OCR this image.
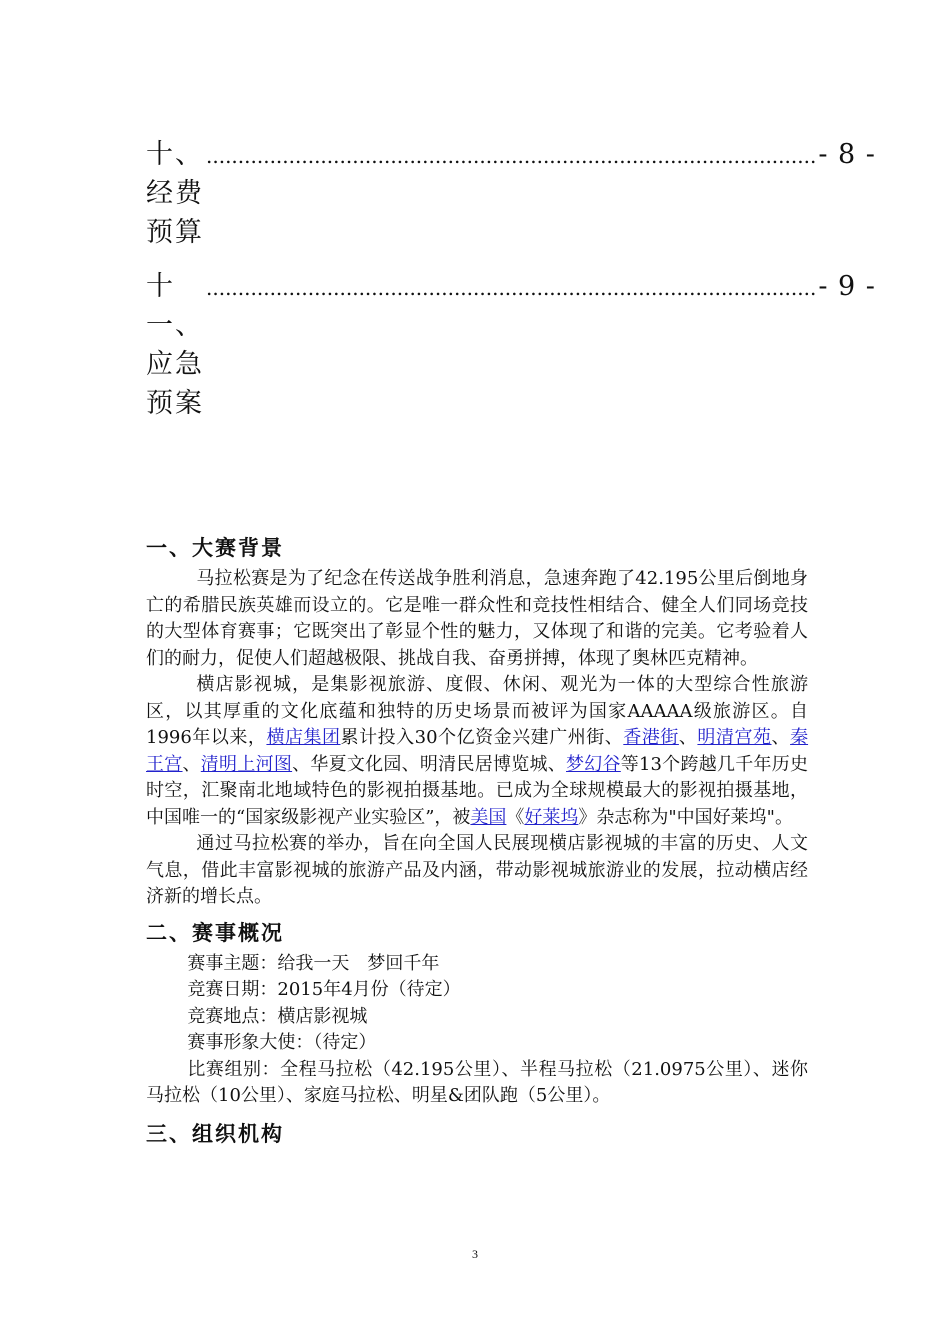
十、经费预算
................................................................................................ - 8 -
十一、应急预案
................................................................................................ - 9 -
一、大赛背景

马拉松赛是为了纪念在传送战争胜利消息，急速奔跑了42.195公里后倒地身亡的希腊民族英雄而设立的。它是唯一群众性和竞技性相结合、健全人们同场竞技的大型体育赛事；它既突出了彰显个性的魅力，又体现了和谐的完美。它考验着人们的耐力，促使人们超越极限、挑战自我、奋勇拼搏，体现了奥林匹克精神。

横店影视城，是集影视旅游、度假、休闲、观光为一体的大型综合性旅游区，以其厚重的文化底蕴和独特的历史场景而被评为国家AAAAA级旅游区。自1996年以来，横店集团累计投入30个亿资金兴建广州街、香港街、明清宫苑、秦王宫、清明上河图、华夏文化园、明清民居博览城、梦幻谷等13个跨越几千年历史时空，汇聚南北地域特色的影视拍摄基地。已成为全球规模最大的影视拍摄基地，中国唯一的“国家级影视产业实验区”，被美国《好莱坞》杂志称为"中国好莱坞"。

通过马拉松赛的举办，旨在向全国人民展现横店影视城的丰富的历史、人文气息，借此丰富影视城的旅游产品及内涵，带动影视城旅游业的发展，拉动横店经济新的增长点。

二、赛事概况

赛事主题：给我一天　梦回千年

竞赛日期：2015年4月份（待定）

竞赛地点：横店影视城

赛事形象大使：（待定）

比赛组别：全程马拉松（42.195公里）、半程马拉松（21.0975公里）、迷你马拉松（10公里）、家庭马拉松、明星&团队跑（5公里）。

三、组织机构
3
